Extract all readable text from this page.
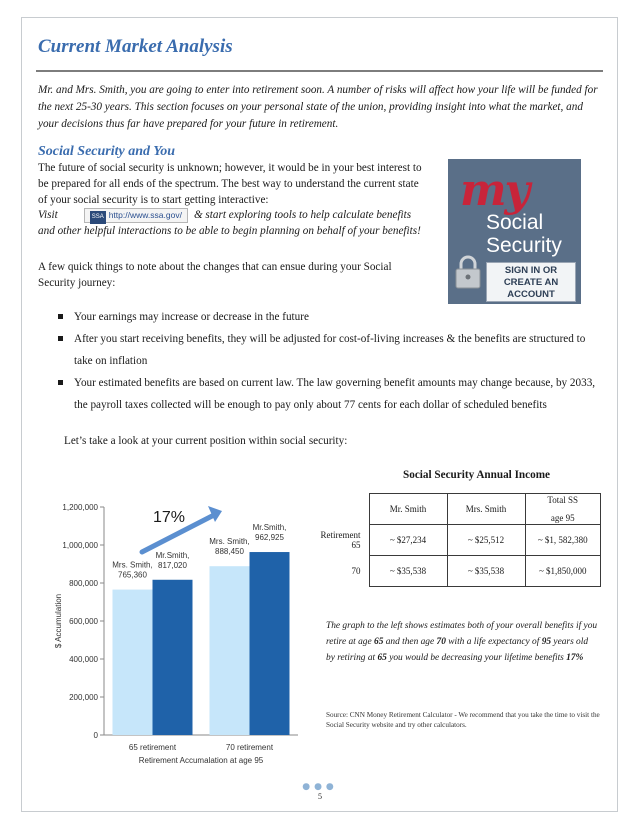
Current Market Analysis
Mr. and Mrs. Smith, you are going to enter into retirement soon. A number of risks will affect how your life will be funded for the next 25-30 years. This section focuses on your personal state of the union, providing insight into what the market, and your decisions thus far have prepared for your future in retirement.
Social Security and You
The future of social security is unknown; however, it would be in your best interest to be prepared for all ends of the spectrum. The best way to understand the current state of your social security is to start getting interactive:
Visit	SSA http://www.ssa.gov/ & start exploring tools to help calculate benefits and other helpful interactions to be able to begin planning on behalf of your benefits!
A few quick things to note about the changes that can ensue during your Social Security journey:
my
Social
Security
SIGN IN OR
CREATE AN
ACCOUNT
Your earnings may increase or decrease in the future
After you start receiving benefits, they will be adjusted for cost-of-living increases & the benefits are structured to take on inflation
Your estimated benefits are based on current law. The law governing benefit amounts may change because, by 2033, the payroll taxes collected will be enough to pay only about 77 cents for each dollar of scheduled benefits
Let’s take a look at your current position within social security:
Social Security Annual Income
	Mr. Smith	Mrs. Smith	Total SS
age 95

Retirement
65	~ $27,234	~ $25,512	~ $1, 582,380
70	~ $35,538	~ $35,538	~ $1,850,000
The graph to the left shows estimates both of your overall benefits if you retire at age 65 and then age 70 with a life expectancy of 95 years old by retiring at 65 you would be decreasing your lifetime benefits 17%
Source: CNN Money Retirement Calculator - We recommend that you take the time to visit the Social Security website and try other calculators.
0
200,000
400,000
600,000
800,000
1,000,000
1,200,000
$ Accumulation
Mrs. Smith,
765,360
Mr.Smith,
817,020
65 retirement
Mrs. Smith,
888,450
Mr.Smith,
962,925
70 retirement
Retirement Accumalation at age 95
17%
●●●
5
